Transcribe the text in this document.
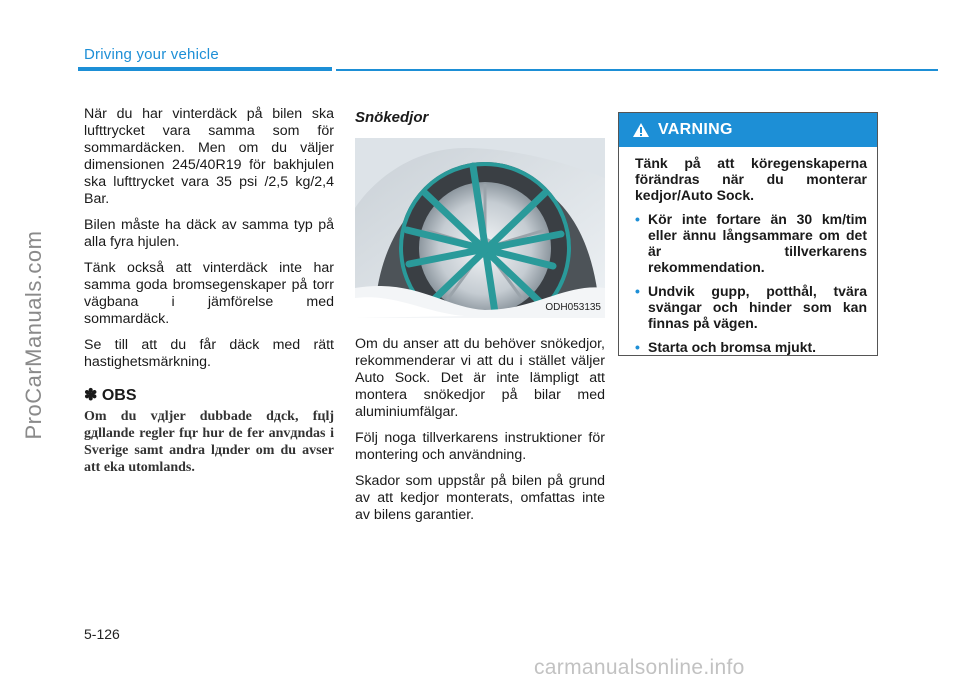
Driving your vehicle
ProCarManuals.com

När du har vinterdäck på bilen ska lufttrycket vara samma som för sommardäcken. Men om du väljer dimensionen 245/40R19 för bakhjulen ska lufttrycket vara 35 psi /2,5 kg/2,4 Bar.

Bilen måste ha däck av samma typ på alla fyra hjulen.

Tänk också att vinterdäck inte har samma goda bromsegenskaper på torr vägbana i jämförelse med sommardäck.

Se till att du får däck med rätt hastighetsmärkning.

✽ OBS
Om du vдljer dubbade dдck, fцlj gдllande regler fцr hur de fеr anvдndas i Sverige samt andra lдnder om du avser att eka utomlands.
Snökedjor
ODH053135

Om du anser att du behöver snökedjor, rekommenderar vi att du i stället väljer Auto Sock. Det är inte lämpligt att montera snökedjor på bilar med aluminiumfälgar.

Följ noga tillverkarens instruktioner för montering och användning.

Skador som uppstår på bilen på grund av att kedjor monterats, omfattas inte av bilens garantier.

VARNING

Tänk på att köregenskaperna förändras när du monterar kedjor/Auto Sock.

• Kör inte fortare än 30 km/tim eller ännu långsammare om det är tillverkarens rekommendation.
• Undvik gupp, potthål, tvära svängar och hinder som kan finnas på vägen.
• Starta och bromsa mjukt.
5-126
carmanualsonline.info
